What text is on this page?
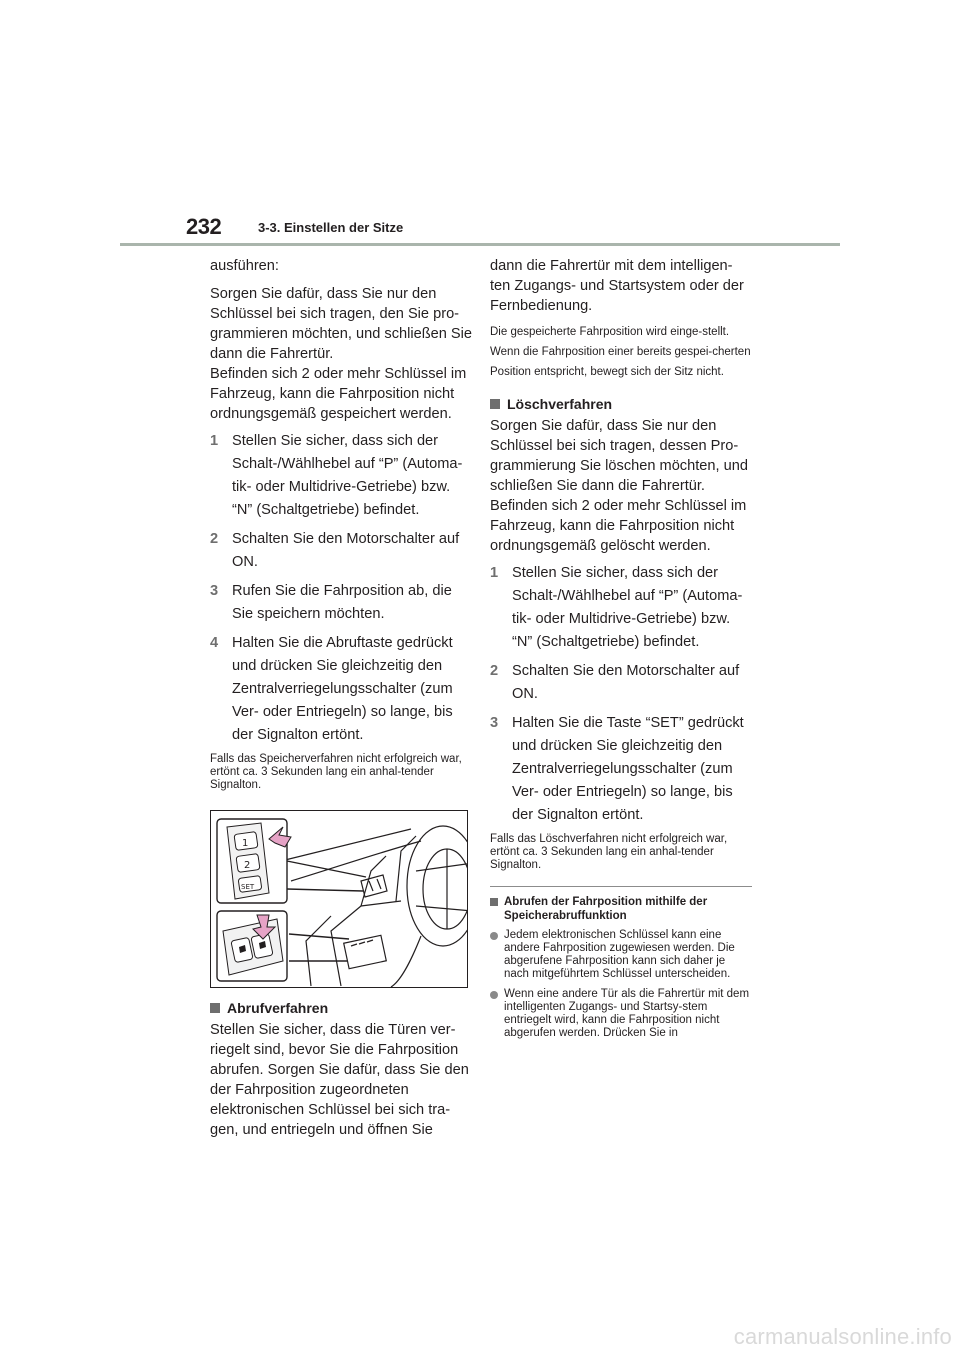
232	3-3. Einstellen der Sitze

ausführen:

Sorgen Sie dafür, dass Sie nur den Schlüssel bei sich tragen, den Sie pro-grammieren möchten, und schließen Sie dann die Fahrertür.

Befinden sich 2 oder mehr Schlüssel im Fahrzeug, kann die Fahrposition nicht ordnungsgemäß gespeichert werden.

1 Stellen Sie sicher, dass sich der Schalt-/Wählhebel auf “P” (Automa-tik- oder Multidrive-Getriebe) bzw. “N” (Schaltgetriebe) befindet.
2 Schalten Sie den Motorschalter auf ON.
3 Rufen Sie die Fahrposition ab, die Sie speichern möchten.
4 Halten Sie die Abruftaste gedrückt und drücken Sie gleichzeitig den Zentralverriegelungsschalter (zum Ver- oder Entriegeln) so lange, bis der Signalton ertönt.

Falls das Speicherverfahren nicht erfolgreich war, ertönt ca. 3 Sekunden lang ein anhal-tender Signalton.

1
2
SET
Abrufverfahren

Stellen Sie sicher, dass die Türen ver-riegelt sind, bevor Sie die Fahrposition abrufen. Sorgen Sie dafür, dass Sie den der Fahrposition zugeordneten elektronischen Schlüssel bei sich tra-gen, und entriegeln und öffnen Sie

dann die Fahrertür mit dem intelligen-ten Zugangs- und Startsystem oder der Fernbedienung.

Die gespeicherte Fahrposition wird einge-stellt.

Wenn die Fahrposition einer bereits gespei-cherten Position entspricht, bewegt sich der Sitz nicht.

Löschverfahren

Sorgen Sie dafür, dass Sie nur den Schlüssel bei sich tragen, dessen Pro-grammierung Sie löschen möchten, und schließen Sie dann die Fahrertür.

Befinden sich 2 oder mehr Schlüssel im Fahrzeug, kann die Fahrposition nicht ordnungsgemäß gelöscht werden.

1 Stellen Sie sicher, dass sich der Schalt-/Wählhebel auf “P” (Automa-tik- oder Multidrive-Getriebe) bzw. “N” (Schaltgetriebe) befindet.
2 Schalten Sie den Motorschalter auf ON.
3 Halten Sie die Taste “SET” gedrückt und drücken Sie gleichzeitig den Zentralverriegelungsschalter (zum Ver- oder Entriegeln) so lange, bis der Signalton ertönt.

Falls das Löschverfahren nicht erfolgreich war, ertönt ca. 3 Sekunden lang ein anhal-tender Signalton.

Abrufen der Fahrposition mithilfe der Speicherabruffunktion
Jedem elektronischen Schlüssel kann eine andere Fahrposition zugewiesen werden. Die abgerufene Fahrposition kann sich daher je nach mitgeführtem Schlüssel unterscheiden.
Wenn eine andere Tür als die Fahrertür mit dem intelligenten Zugangs- und Startsy-stem entriegelt wird, kann die Fahrposition nicht abgerufen werden. Drücken Sie in
carmanualsonline.info
